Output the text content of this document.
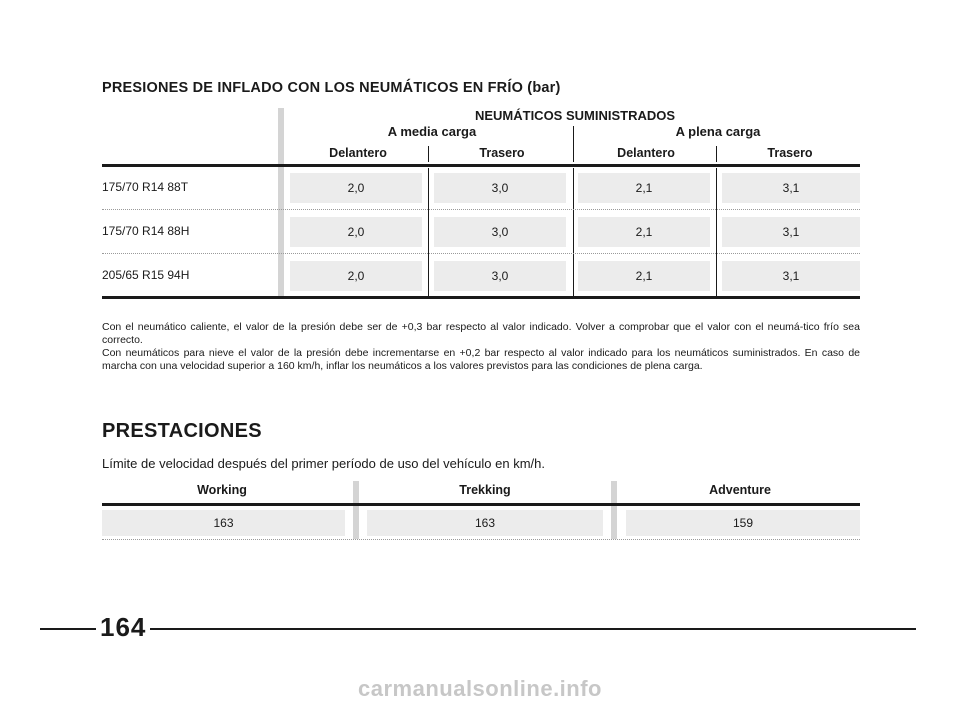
PRESIONES DE INFLADO CON LOS NEUMÁTICOS EN FRÍO (bar)
NEUMÁTICOS SUMINISTRADOS
A media carga	A plena carga
Delantero	Trasero	Delantero	Trasero
175/70 R14 88T	2,0	3,0	2,1	3,1
175/70 R14 88H	2,0	3,0	2,1	3,1
205/65 R15 94H	2,0	3,0	2,1	3,1
Con el neumático caliente, el valor de la presión debe ser de +0,3 bar respecto al valor indicado. Volver a comprobar que el valor con el neumá-tico frío sea correcto.
Con neumáticos para nieve el valor de la presión debe incrementarse en +0,2 bar respecto al valor indicado para los neumáticos suministrados. En caso de marcha con una velocidad superior a 160 km/h, inflar los neumáticos a los valores previstos para las condiciones de plena carga.
PRESTACIONES
Límite de velocidad después del primer período de uso del vehículo en km/h.
Working	Trekking	Adventure
163	163	159
164
carmanualsonline.info
